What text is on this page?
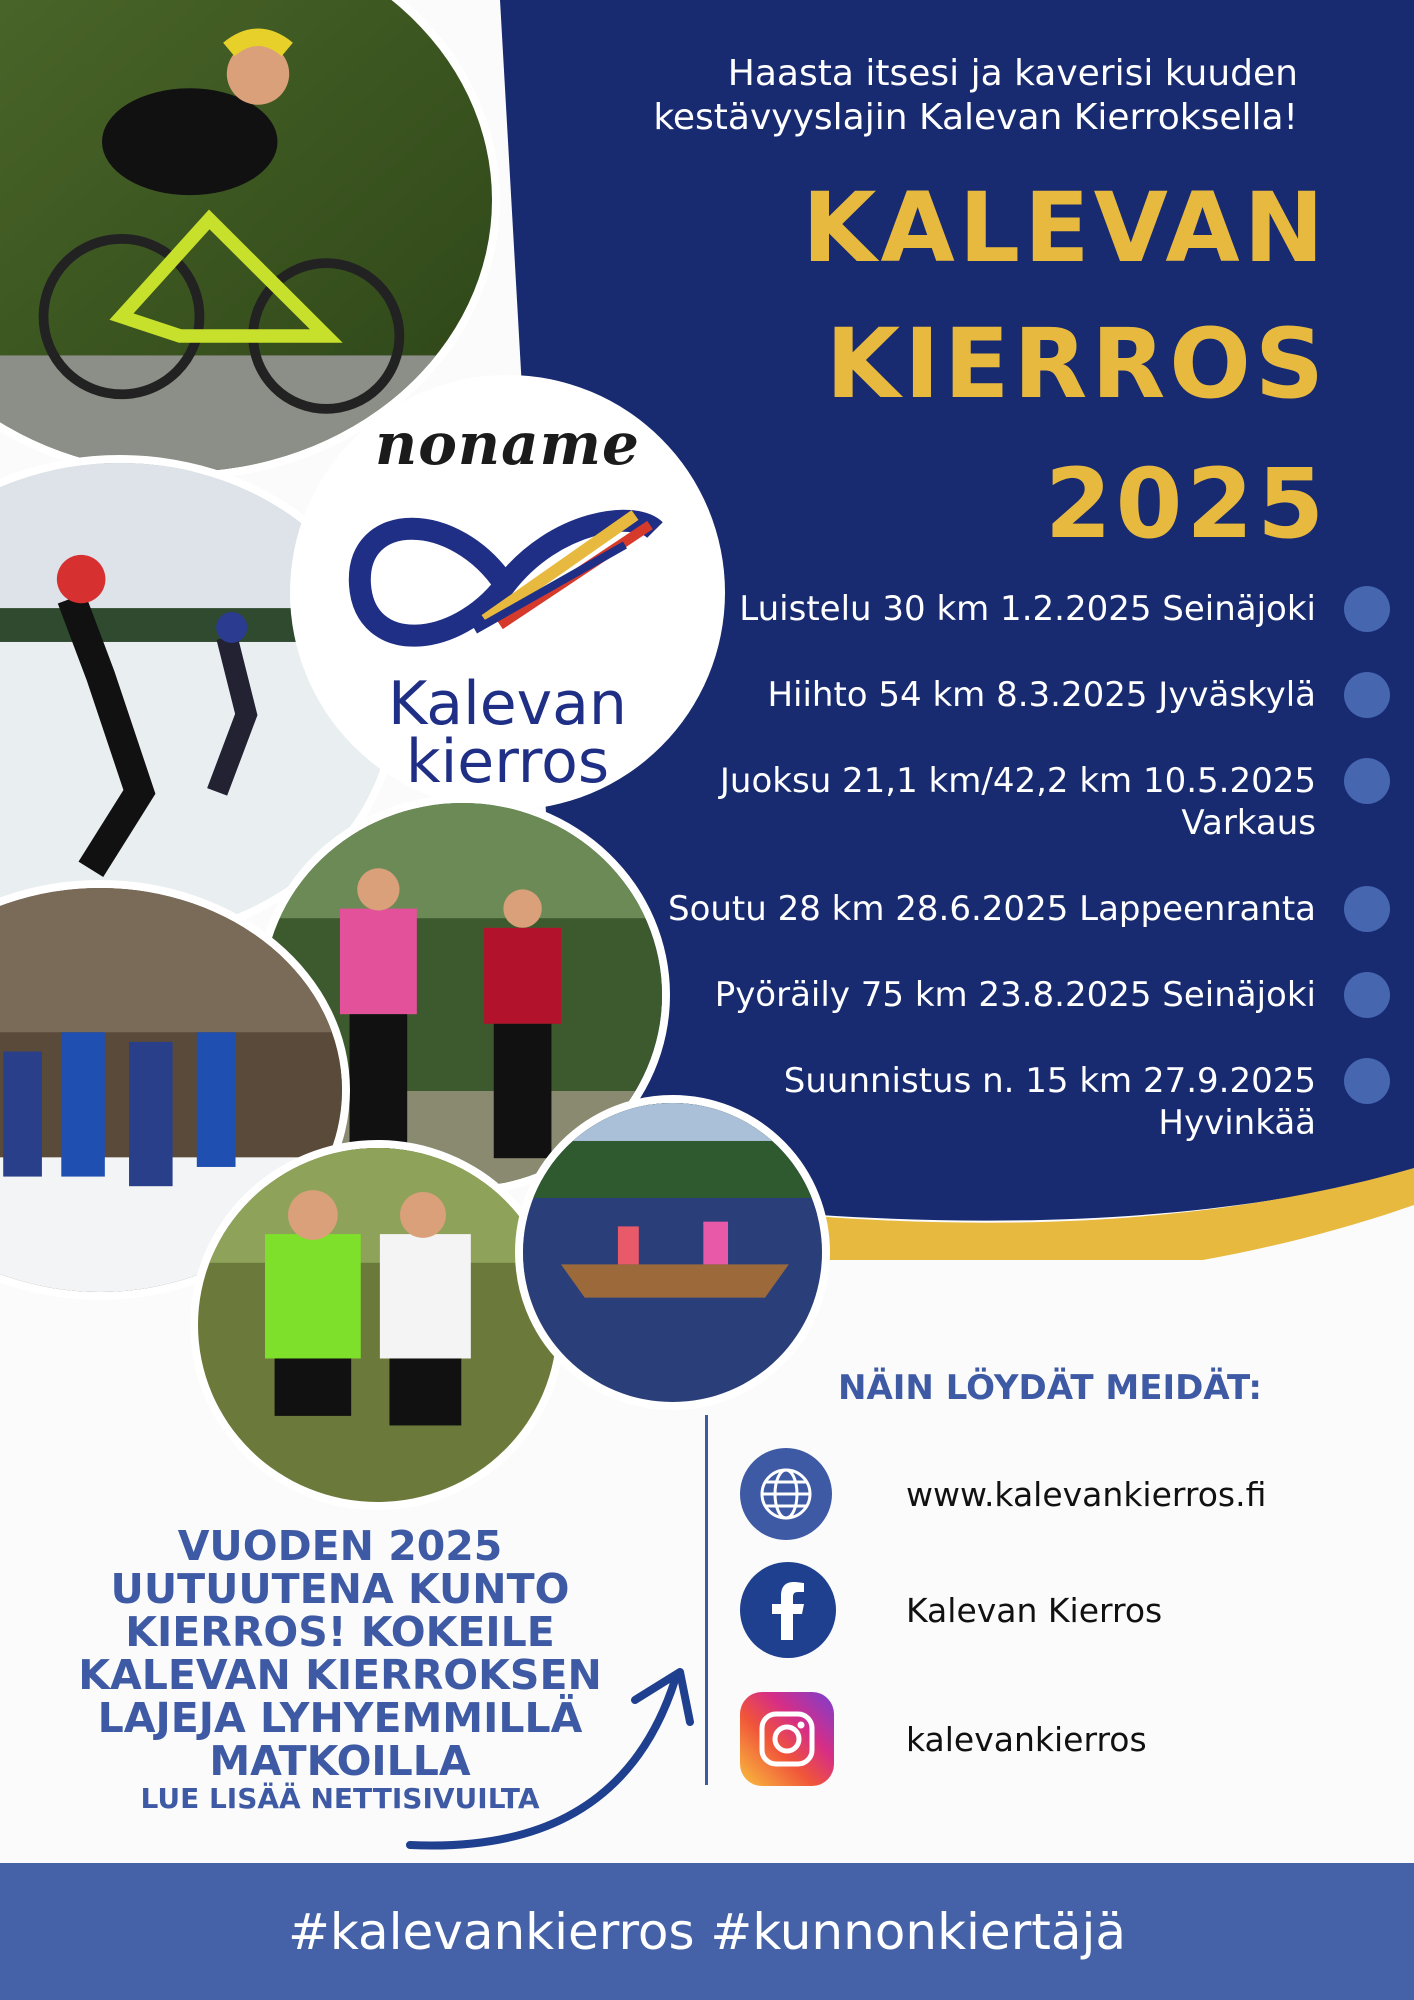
Haasta itsesi ja kaverisi kuuden kestävyyslajin Kalevan Kierroksella!
KALEVAN
KIERROS
2025
Luistelu 30 km 1.2.2025 Seinäjoki
Hiihto 54 km 8.3.2025 Jyväskylä
Juoksu 21,1 km/42,2 km 10.5.2025
Varkaus
Soutu 28 km 28.6.2025 Lappeenranta
Pyöräily 75 km 23.8.2025 Seinäjoki
Suunnistus n. 15 km 27.9.2025
Hyvinkää
noname
Kalevan
kierros
NÄIN LÖYDÄT MEIDÄT:
www.kalevankierros.fi
Kalevan Kierros
kalevankierros
VUODEN 2025 UUTUUTENA KUNTO KIERROS! KOKEILE KALEVAN KIERROKSEN LAJEJA LYHYEMMILLÄ MATKOILLA
LUE LISÄÄ NETTISIVUILTA
#kalevankierros #kunnonkiertäjä
